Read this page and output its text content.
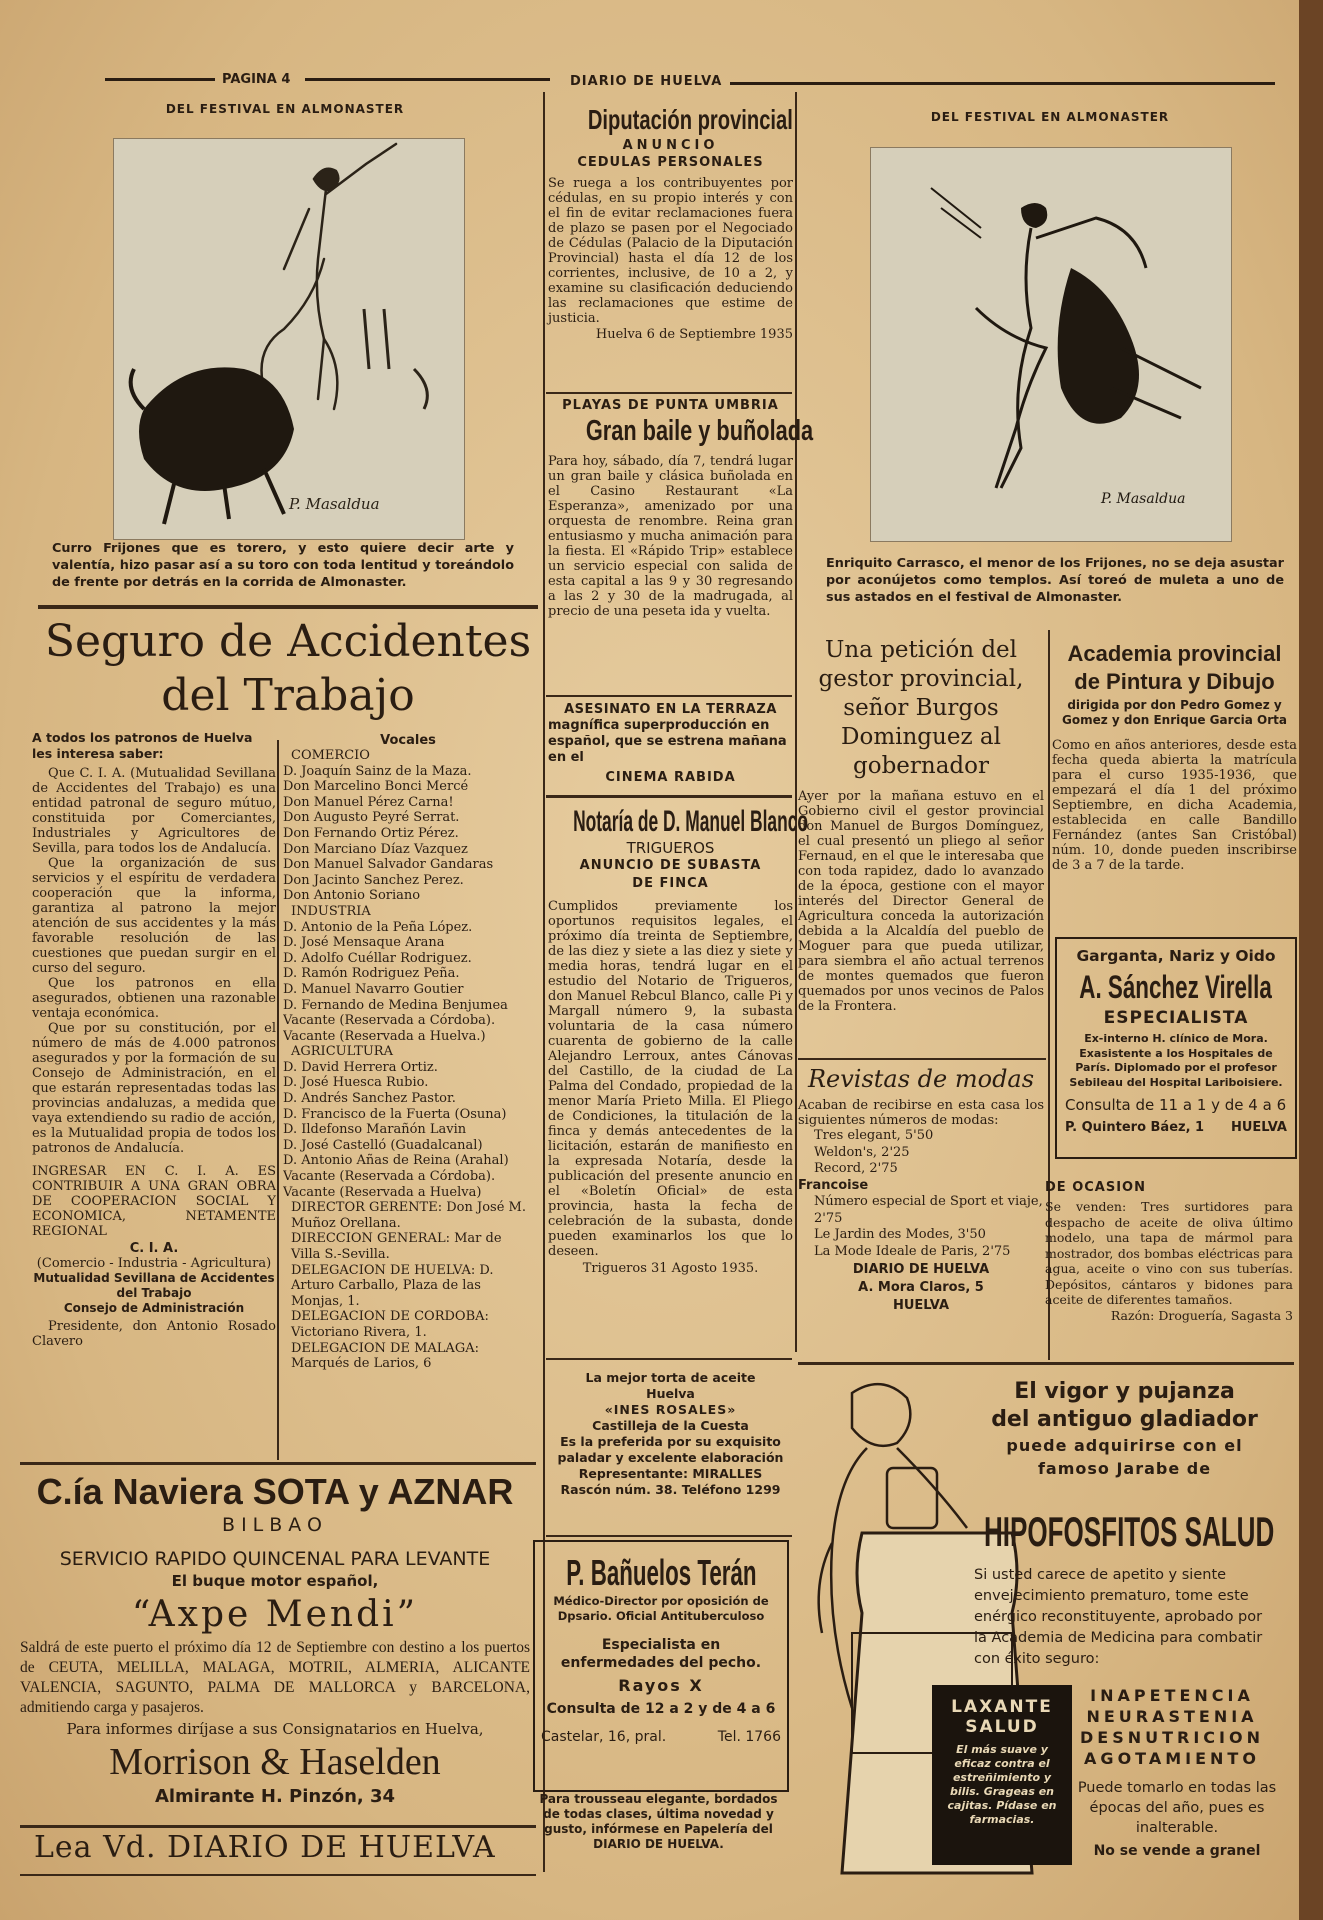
PAGINA 4	DIARIO DE HUELVA
DEL FESTIVAL EN ALMONASTER
P. Masaldua
Curro Frijones que es torero, y esto quiere decir arte y valentía, hizo pasar así a su toro con toda lentitud y toreándolo de frente por detrás en la corrida de Almonaster.
DEL FESTIVAL EN ALMONASTER
P. Masaldua
Enriquito Carrasco, el menor de los Frijones, no se deja asustar por aconújetos como templos. Así toreó de muleta a uno de sus astados en el festival de Almonaster.
Diputación provincial
ANUNCIO
CEDULAS PERSONALES
Se ruega a los contribuyentes por cédulas, en su propio interés y con el fin de evitar reclamaciones fuera de plazo se pasen por el Negociado de Cédulas (Palacio de la Diputación Provincial) hasta el día 12 de los corrientes, inclusive, de 10 a 2, y examine su clasificación deduciendo las reclamaciones que estime de justicia.
Huelva 6 de Septiembre 1935
PLAYAS DE PUNTA UMBRIA
Gran baile y buñolada
Para hoy, sábado, día 7, tendrá lugar un gran baile y clásica buñolada en el Casino Restaurant «La Esperanza», amenizado por una orquesta de renombre. Reina gran entusiasmo y mucha animación para la fiesta. El «Rápido Trip» establece un servicio especial con salida de esta capital a las 9 y 30 regresando a las 2 y 30 de la madrugada, al precio de una peseta ida y vuelta.
ASESINATO EN LA TERRAZA
magnífica superproducción en español, que se estrena mañana en el
CINEMA RABIDA
Notaría de D. Manuel Blanco
TRIGUEROS
ANUNCIO DE SUBASTA DE FINCA
Cumplidos previamente los oportunos requisitos legales, el próximo día treinta de Septiembre, de las diez y siete a las diez y siete y media horas, tendrá lugar en el estudio del Notario de Trigueros, don Manuel Rebcul Blanco, calle Pi y Margall número 9, la subasta voluntaria de la casa número cuarenta de gobierno de la calle Alejandro Lerroux, antes Cánovas del Castillo, de la ciudad de La Palma del Condado, propiedad de la menor María Prieto Milla. El Pliego de Condiciones, la titulación de la finca y demás antecedentes de la licitación, estarán de manifiesto en la expresada Notaría, desde la publicación del presente anuncio en el «Boletín Oficial» de esta provincia, hasta la fecha de celebración de la subasta, donde pueden examinarlos los que lo deseen.
Trigueros 31 Agosto 1935.
La mejor torta de aceite
Huelva
«INES ROSALES»
Castilleja de la Cuesta
Es la preferida por su exquisito paladar y excelente elaboración
Representante: MIRALLES
Rascón núm. 38. Teléfono 1299
P. Bañuelos Terán
Médico-Director por oposición de Dpsario. Oficial Antituberculoso
Especialista en enfermedades del pecho.
Rayos X
Consulta de 12 a 2 y de 4 a 6
Castelar, 16, pral.	Tel. 1766
Para trousseau elegante, bordados de todas clases, última novedad y gusto, infórmese en Papelería del DIARIO DE HUELVA.
Una petición del gestor provincial, señor Burgos Dominguez al gobernador
Ayer por la mañana estuvo en el Gobierno civil el gestor provincial don Manuel de Burgos Domínguez, el cual presentó un pliego al señor Fernaud, en el que le interesaba que con toda rapidez, dado lo avanzado de la época, gestione con el mayor interés del Director General de Agricultura conceda la autorización debida a la Alcaldía del pueblo de Moguer para que pueda utilizar, para siembra el año actual terrenos de montes quemados que fueron quemados por unos vecinos de Palos de la Frontera.
Revistas de modas
Acaban de recibirse en esta casa los siguientes números de modas:
Tres elegant, 5'50
Weldon's, 2'25
Record, 2'75
Francoise
Número especial de Sport et viaje, 2'75
Le Jardin des Modes, 3'50
La Mode Ideale de Paris, 2'75
DIARIO DE HUELVA
A. Mora Claros, 5
HUELVA
Academia provincial de Pintura y Dibujo
dirigida por don Pedro Gomez y Gomez y don Enrique Garcia Orta
Como en años anteriores, desde esta fecha queda abierta la matrícula para el curso 1935-1936, que empezará el día 1 del próximo Septiembre, en dicha Academia, establecida en calle Bandillo Fernández (antes San Cristóbal) núm. 10, donde pueden inscribirse de 3 a 7 de la tarde.
Garganta, Nariz y Oido
A. Sánchez Virella
ESPECIALISTA
Ex-interno H. clínico de Mora. Exasistente a los Hospitales de París. Diplomado por el profesor Sebileau del Hospital Lariboisiere.
Consulta de 11 a 1 y de 4 a 6
P. Quintero Báez, 1 HUELVA
DE OCASION
Se venden: Tres surtidores para despacho de aceite de oliva último modelo, una tapa de mármol para mostrador, dos bombas eléctricas para agua, aceite o vino con sus tuberías. Depósitos, cántaros y bidones para aceite de diferentes tamaños.
Razón: Droguería, Sagasta 3
Seguro de Accidentes
del Trabajo
A todos los patronos de Huelva les interesa saber:
Que C. I. A. (Mutualidad Sevillana de Accidentes del Trabajo) es una entidad patronal de seguro mútuo, constituida por Comerciantes, Industriales y Agricultores de Sevilla, para todos los de Andalucía.
Que la organización de sus servicios y el espíritu de verdadera cooperación que la informa, garantiza al patrono la mejor atención de sus accidentes y la más favorable resolución de las cuestiones que puedan surgir en el curso del seguro.
Que los patronos en ella asegurados, obtienen una razonable ventaja económica.
Que por su constitución, por el número de más de 4.000 patronos asegurados y por la formación de su Consejo de Administración, en el que estarán representadas todas las provincias andaluzas, a medida que vaya extendiendo su radio de acción, es la Mutualidad propia de todos los patronos de Andalucía.
INGRESAR EN C. I. A. ES CONTRIBUIR A UNA GRAN OBRA DE COOPERACION SOCIAL Y ECONOMICA, NETAMENTE REGIONAL
C. I. A.
(Comercio - Industria - Agricultura)
Mutualidad Sevillana de Accidentes del Trabajo
Consejo de Administración
Presidente, don Antonio Rosado Clavero
Vocales

COMERCIO

D. Joaquín Sainz de la Maza.

Don Marcelino Bonci Mercé

Don Manuel Pérez Carna!

Don Augusto Peyré Serrat.

Don Fernando Ortiz Pérez.

Don Marciano Díaz Vazquez

Don Manuel Salvador Gandaras

Don Jacinto Sanchez Perez.

Don Antonio Soriano

INDUSTRIA

D. Antonio de la Peña López.

D. José Mensaque Arana

D. Adolfo Cuéllar Rodriguez.

D. Ramón Rodriguez Peña.

D. Manuel Navarro Goutier

D. Fernando de Medina Benjumea

Vacante (Reservada a Córdoba).

Vacante (Reservada a Huelva.)

AGRICULTURA

D. David Herrera Ortiz.

D. José Huesca Rubio.

D. Andrés Sanchez Pastor.

D. Francisco de la Fuerta (Osuna)

D. Ildefonso Marañón Lavin

D. José Castelló (Guadalcanal)

D. Antonio Añas de Reina (Arahal)

Vacante (Reservada a Córdoba).

Vacante (Reservada a Huelva)

DIRECTOR GERENTE: Don José M. Muñoz Orellana.

DIRECCION GENERAL: Mar de Villa S.-Sevilla.

DELEGACION DE HUELVA: D. Arturo Carballo, Plaza de las Monjas, 1.

DELEGACION DE CORDOBA: Victoriano Rivera, 1.

DELEGACION DE MALAGA: Marqués de Larios, 6

C.ía Naviera SOTA y AZNAR
BILBAO
SERVICIO RAPIDO QUINCENAL PARA LEVANTE
El buque motor español,
“Axpe Mendi”
Saldrá de este puerto el próximo día 12 de Septiembre con destino a los puertos de CEUTA, MELILLA, MALAGA, MOTRIL, ALMERIA, ALICANTE VALENCIA, SAGUNTO, PALMA DE MALLORCA y BARCELONA, admitiendo carga y pasajeros.
Para informes diríjase a sus Consignatarios en Huelva,
Morrison & Haselden
Almirante H. Pinzón, 34
Lea Vd. DIARIO DE HUELVA
LAXANTE SALUD
El más suave y eficaz contra el estreñimiento y bilis. Grageas en cajitas. Pídase en farmacias.
El vigor y pujanza
del antiguo gladiador
puede adquirirse con el
famoso Jarabe de
HIPOFOSFITOS SALUD
Si usted carece de apetito y siente envejecimiento prematuro, tome este enérgico reconstituyente, aprobado por la Academia de Medicina para combatir con éxito seguro:
INAPETENCIA
NEURASTENIA
DESNUTRICION
AGOTAMIENTO
Puede tomarlo en todas las épocas del año, pues es inalterable.
No se vende a granel
